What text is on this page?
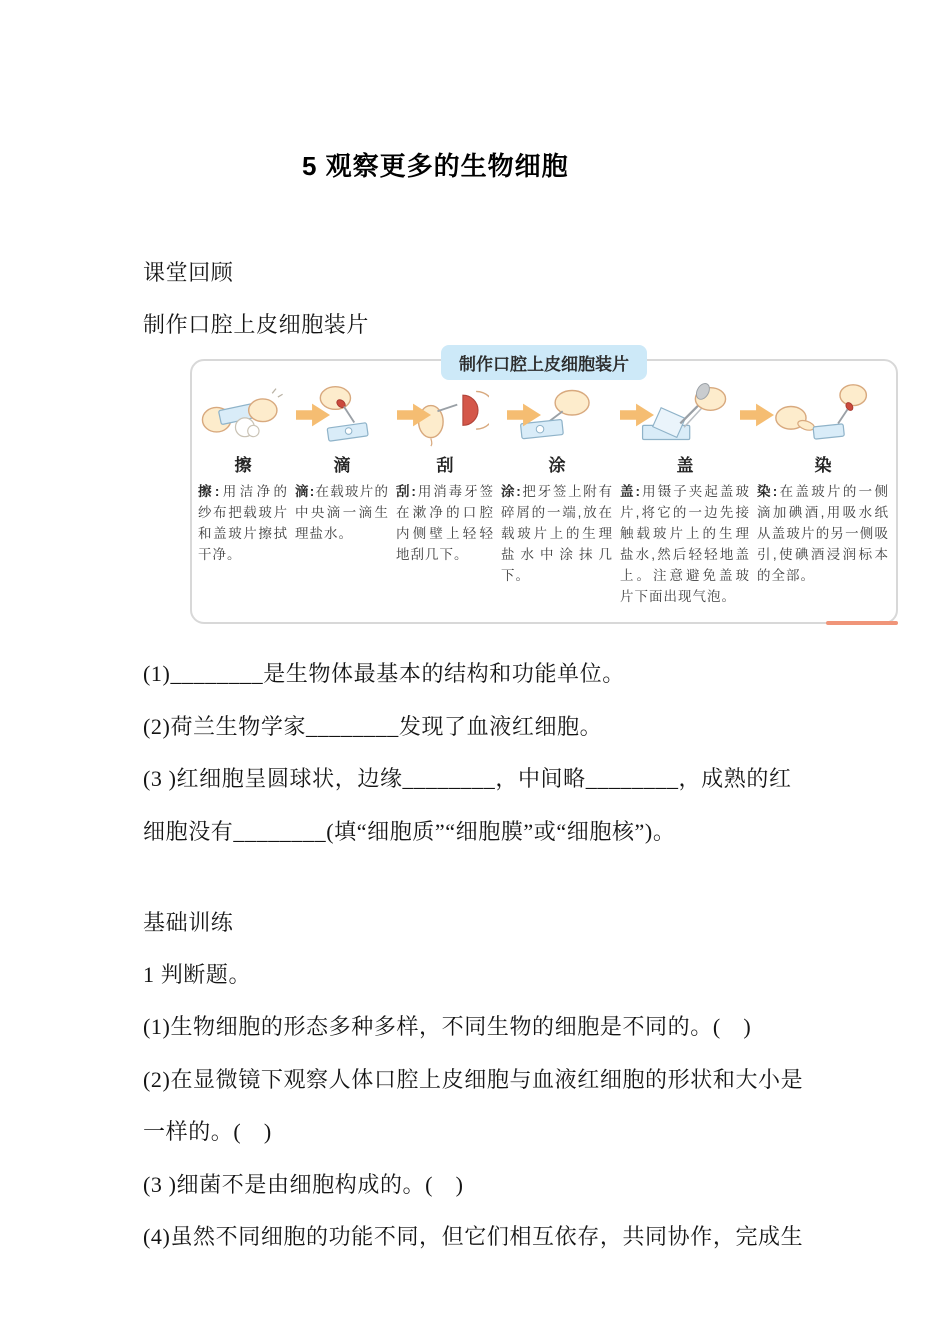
5 观察更多的生物细胞

课堂回顾

制作口腔上皮细胞装片

制作口腔上皮细胞装片
擦

擦:用洁净的纱布把载玻片和盖玻片擦拭干净。

滴

滴:在载玻片的中央滴一滴生理盐水。

刮

刮:用消毒牙签在漱净的口腔内侧壁上轻轻地刮几下。

涂

涂:把牙签上附有碎屑的一端,放在载玻片上的生理盐水中涂抹几下。

盖

盖:用镊子夹起盖玻片,将它的一边先接触载玻片上的生理盐水,然后轻轻地盖上。注意避免盖玻片下面出现气泡。

染

染:在盖玻片的一侧滴加碘酒,用吸水纸从盖玻片的另一侧吸引,使碘酒浸润标本的全部。

(1)________是生物体最基本的结构和功能单位。

(2)荷兰生物学家________发现了血液红细胞。

(3 )红细胞呈圆球状，边缘________，中间略________，成熟的红

细胞没有________(填“细胞质”“细胞膜”或“细胞核”)。

基础训练

1 判断题。

(1)生物细胞的形态多种多样，不同生物的细胞是不同的。(　)

(2)在显微镜下观察人体口腔上皮细胞与血液红细胞的形状和大小是

一样的。(　)

(3 )细菌不是由细胞构成的。(　)

(4)虽然不同细胞的功能不同，但它们相互依存，共同协作，完成生
